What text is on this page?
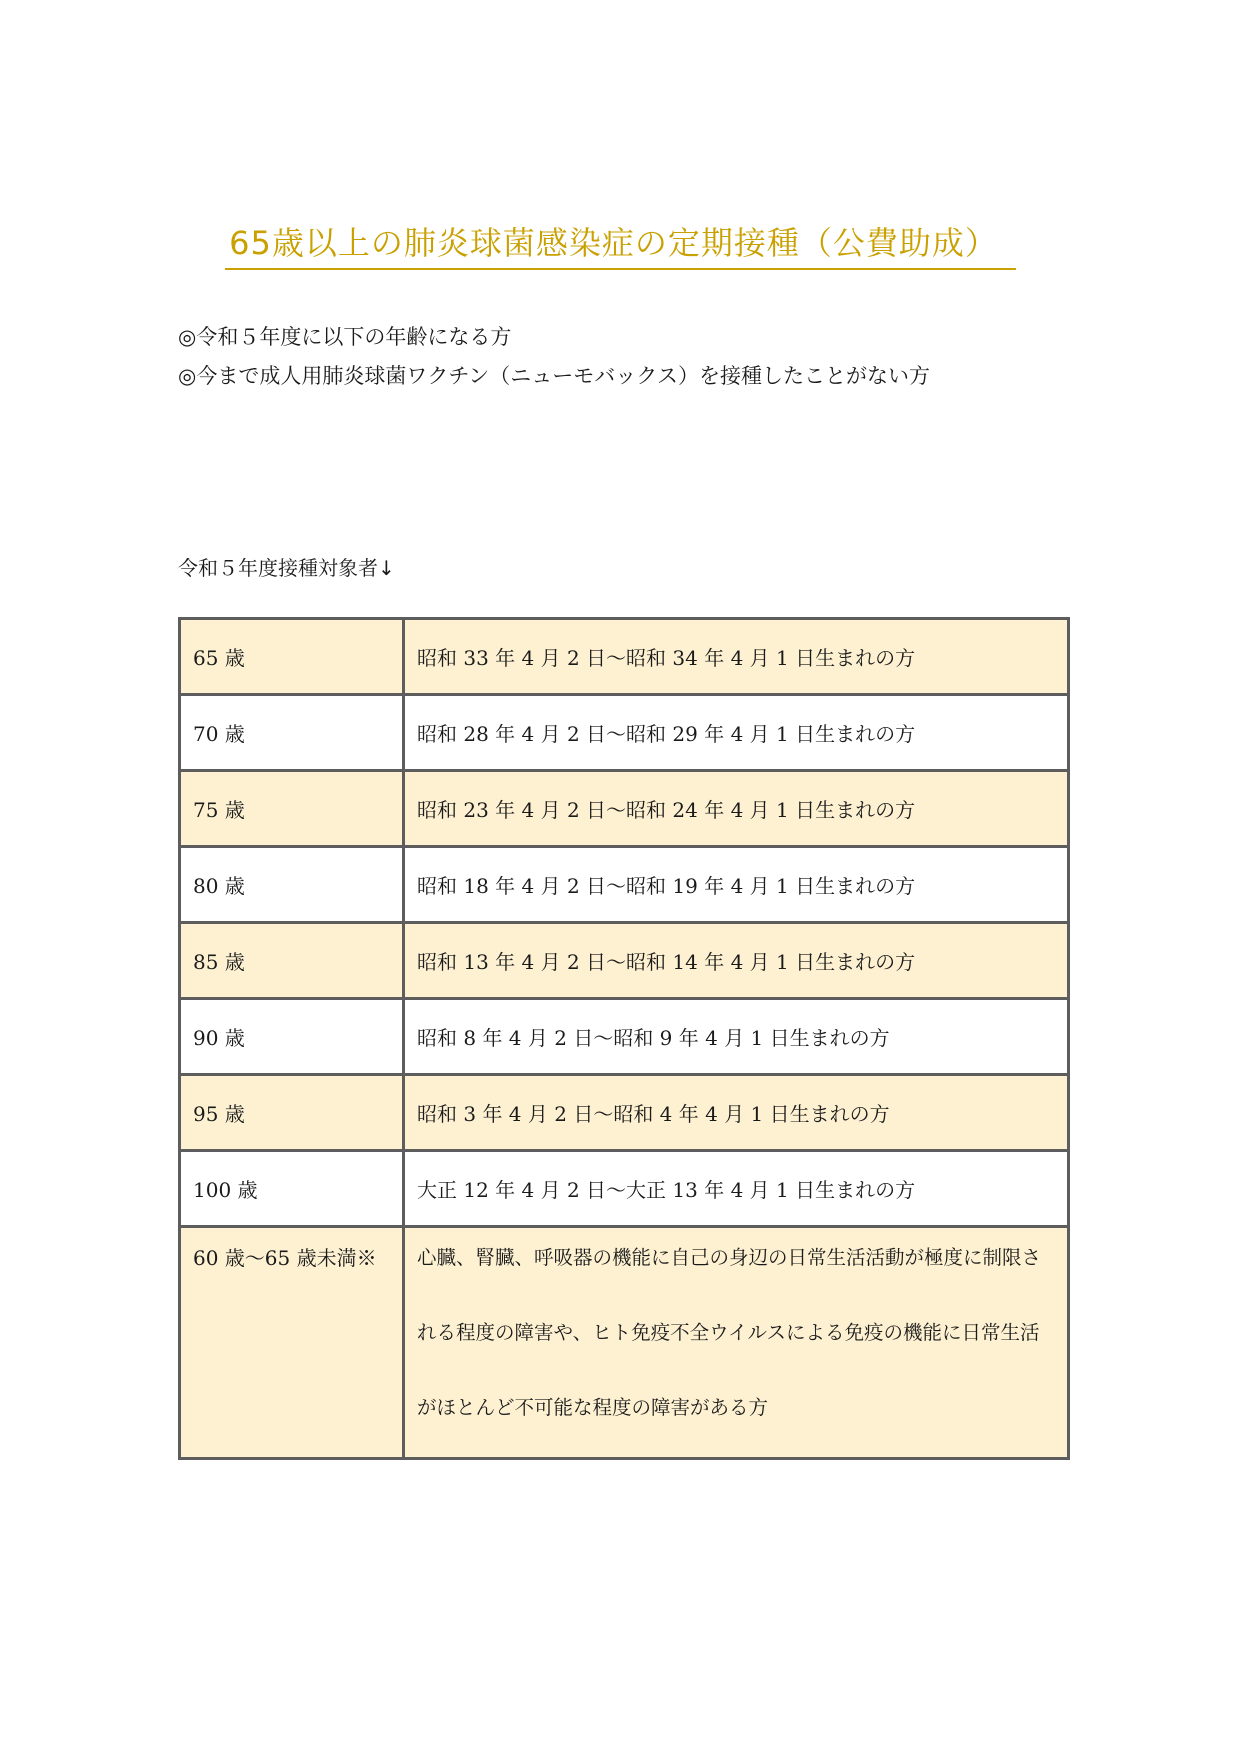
65歳以上の肺炎球菌感染症の定期接種（公費助成）
◎令和５年度に以下の年齢になる方
◎今まで成人用肺炎球菌ワクチン（ニューモバックス）を接種したことがない方
令和５年度接種対象者↓
65 歳	昭和 33 年 4 月 2 日～昭和 34 年 4 月 1 日生まれの方
70 歳	昭和 28 年 4 月 2 日～昭和 29 年 4 月 1 日生まれの方
75 歳	昭和 23 年 4 月 2 日～昭和 24 年 4 月 1 日生まれの方
80 歳	昭和 18 年 4 月 2 日～昭和 19 年 4 月 1 日生まれの方
85 歳	昭和 13 年 4 月 2 日～昭和 14 年 4 月 1 日生まれの方
90 歳	昭和 8 年 4 月 2 日～昭和 9 年 4 月 1 日生まれの方
95 歳	昭和 3 年 4 月 2 日～昭和 4 年 4 月 1 日生まれの方
100 歳	大正 12 年 4 月 2 日～大正 13 年 4 月 1 日生まれの方
60 歳～65 歳未満※	心臓、腎臓、呼吸器の機能に自己の身辺の日常生活活動が極度に制限される程度の障害や、ヒト免疫不全ウイルスによる免疫の機能に日常生活がほとんど不可能な程度の障害がある方
